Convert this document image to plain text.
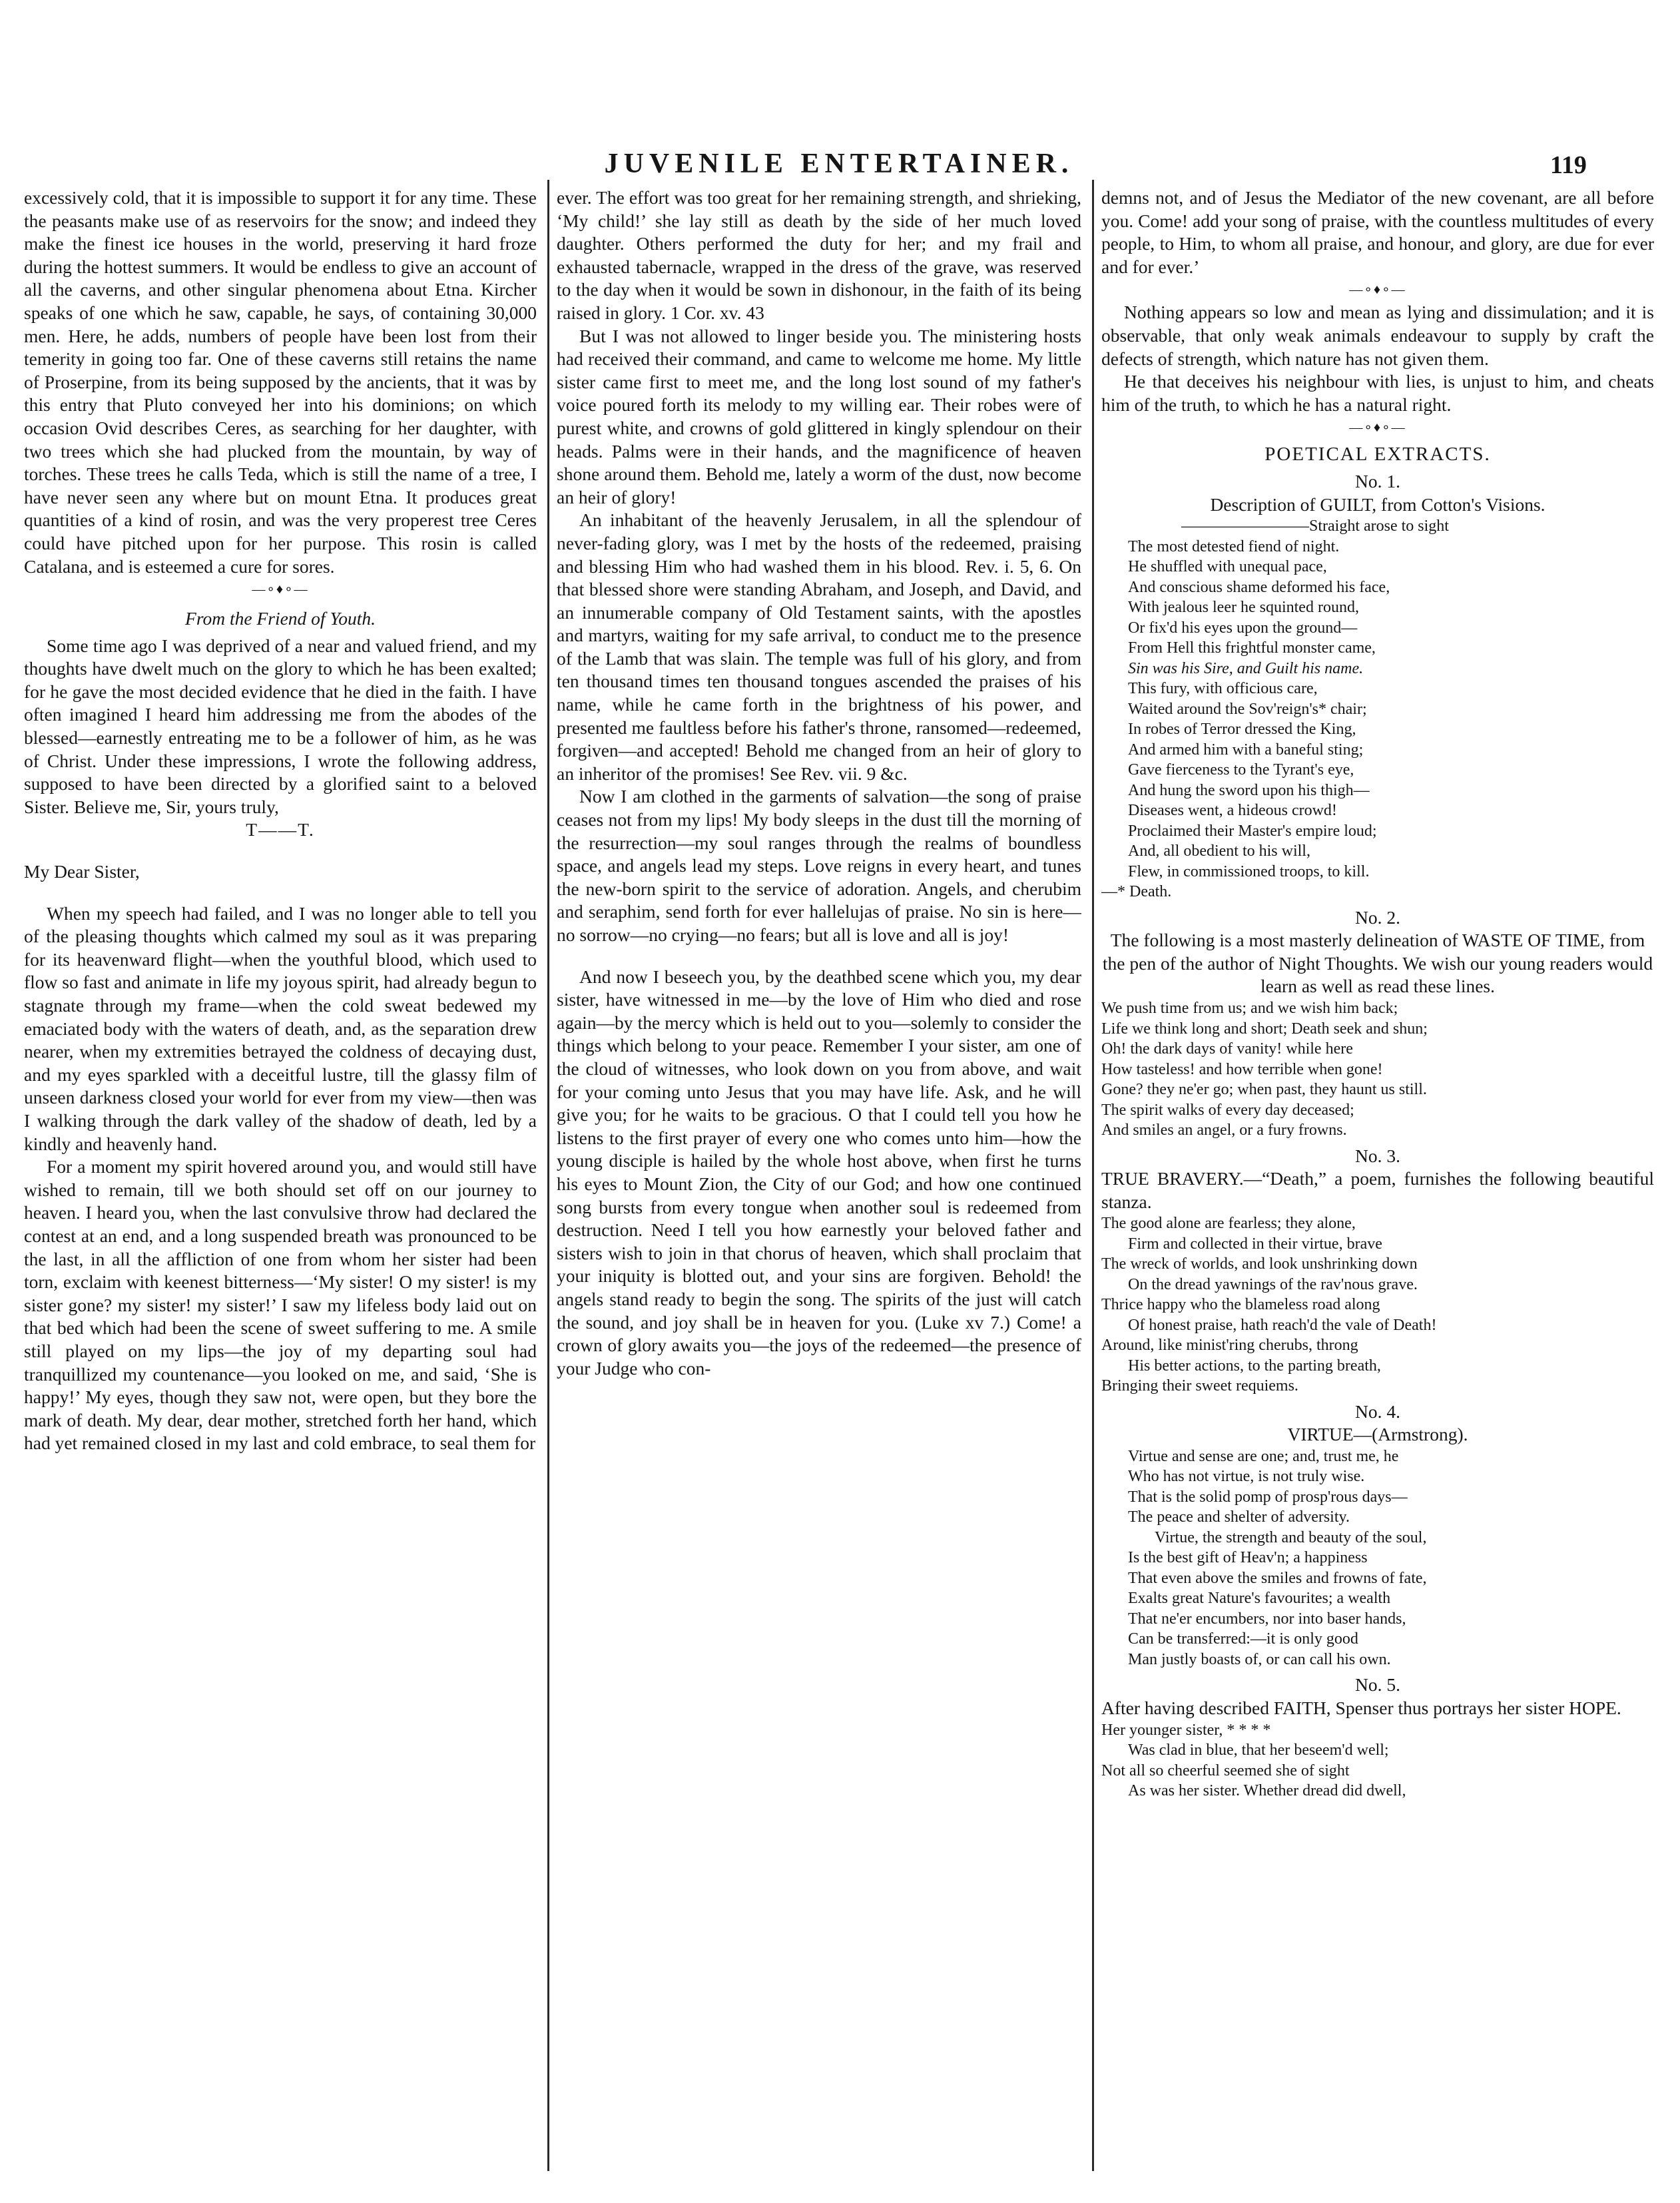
JUVENILE ENTERTAINER.	119

excessively cold, that it is impossible to support it for any time. These the peasants make use of as reservoirs for the snow; and indeed they make the finest ice houses in the world, preserving it hard froze during the hottest summers. It would be endless to give an account of all the caverns, and other singular phenomena about Etna. Kircher speaks of one which he saw, capable, he says, of containing 30,000 men. Here, he adds, numbers of people have been lost from their temerity in going too far. One of these caverns still retains the name of Proserpine, from its being supposed by the ancients, that it was by this entry that Pluto conveyed her into his dominions; on which occasion Ovid describes Ceres, as searching for her daughter, with two trees which she had plucked from the mountain, by way of torches. These trees he calls Teda, which is still the name of a tree, I have never seen any where but on mount Etna. It produces great quantities of a kind of rosin, and was the very properest tree Ceres could have pitched upon for her purpose. This rosin is called Catalana, and is esteemed a cure for sores.

—∘♦∘—

From the Friend of Youth.

Some time ago I was deprived of a near and valued friend, and my thoughts have dwelt much on the glory to which he has been exalted; for he gave the most decided evidence that he died in the faith. I have often imagined I heard him addressing me from the abodes of the blessed—earnestly entreating me to be a follower of him, as he was of Christ. Under these impressions, I wrote the following address, supposed to have been directed by a glorified saint to a beloved Sister. Believe me, Sir, yours truly,

T——T.

My Dear Sister,

When my speech had failed, and I was no longer able to tell you of the pleasing thoughts which calmed my soul as it was preparing for its heavenward flight—when the youthful blood, which used to flow so fast and animate in life my joyous spirit, had already begun to stagnate through my frame—when the cold sweat bedewed my emaciated body with the waters of death, and, as the separation drew nearer, when my extremities betrayed the coldness of decaying dust, and my eyes sparkled with a deceitful lustre, till the glassy film of unseen darkness closed your world for ever from my view—then was I walking through the dark valley of the shadow of death, led by a kindly and heavenly hand.

For a moment my spirit hovered around you, and would still have wished to remain, till we both should set off on our journey to heaven. I heard you, when the last convulsive throw had declared the contest at an end, and a long suspended breath was pronounced to be the last, in all the affliction of one from whom her sister had been torn, exclaim with keenest bitterness—‘My sister! O my sister! is my sister gone? my sister! my sister!’ I saw my lifeless body laid out on that bed which had been the scene of sweet suffering to me. A smile still played on my lips—the joy of my departing soul had tranquillized my countenance—you looked on me, and said, ‘She is happy!’ My eyes, though they saw not, were open, but they bore the mark of death. My dear, dear mother, stretched forth her hand, which had yet remained closed in my last and cold embrace, to seal them for

ever. The effort was too great for her remaining strength, and shrieking, ‘My child!’ she lay still as death by the side of her much loved daughter. Others performed the duty for her; and my frail and exhausted tabernacle, wrapped in the dress of the grave, was reserved to the day when it would be sown in dishonour, in the faith of its being raised in glory. 1 Cor. xv. 43

But I was not allowed to linger beside you. The ministering hosts had received their command, and came to welcome me home. My little sister came first to meet me, and the long lost sound of my father's voice poured forth its melody to my willing ear. Their robes were of purest white, and crowns of gold glittered in kingly splendour on their heads. Palms were in their hands, and the magnificence of heaven shone around them. Behold me, lately a worm of the dust, now become an heir of glory!

An inhabitant of the heavenly Jerusalem, in all the splendour of never-fading glory, was I met by the hosts of the redeemed, praising and blessing Him who had washed them in his blood. Rev. i. 5, 6. On that blessed shore were standing Abraham, and Joseph, and David, and an innumerable company of Old Testament saints, with the apostles and martyrs, waiting for my safe arrival, to conduct me to the presence of the Lamb that was slain. The temple was full of his glory, and from ten thousand times ten thousand tongues ascended the praises of his name, while he came forth in the brightness of his power, and presented me faultless before his father's throne, ransomed—redeemed, forgiven—and accepted! Behold me changed from an heir of glory to an inheritor of the promises! See Rev. vii. 9 &c.

Now I am clothed in the garments of salvation—the song of praise ceases not from my lips! My body sleeps in the dust till the morning of the resurrection—my soul ranges through the realms of boundless space, and angels lead my steps. Love reigns in every heart, and tunes the new-born spirit to the service of adoration. Angels, and cherubim and seraphim, send forth for ever hallelujas of praise. No sin is here—no sorrow—no crying—no fears; but all is love and all is joy!

And now I beseech you, by the deathbed scene which you, my dear sister, have witnessed in me—by the love of Him who died and rose again—by the mercy which is held out to you—solemly to consider the things which belong to your peace. Remember I your sister, am one of the cloud of witnesses, who look down on you from above, and wait for your coming unto Jesus that you may have life. Ask, and he will give you; for he waits to be gracious. O that I could tell you how he listens to the first prayer of every one who comes unto him—how the young disciple is hailed by the whole host above, when first he turns his eyes to Mount Zion, the City of our God; and how one continued song bursts from every tongue when another soul is redeemed from destruction. Need I tell you how earnestly your beloved father and sisters wish to join in that chorus of heaven, which shall proclaim that your iniquity is blotted out, and your sins are forgiven. Behold! the angels stand ready to begin the song. The spirits of the just will catch the sound, and joy shall be in heaven for you. (Luke xv 7.) Come! a crown of glory awaits you—the joys of the redeemed—the presence of your Judge who con-

demns not, and of Jesus the Mediator of the new covenant, are all before you. Come! add your song of praise, with the countless multitudes of every people, to Him, to whom all praise, and honour, and glory, are due for ever and for ever.’

—∘♦∘—

Nothing appears so low and mean as lying and dissimulation; and it is observable, that only weak animals endeavour to supply by craft the defects of strength, which nature has not given them.

He that deceives his neighbour with lies, is unjust to him, and cheats him of the truth, to which he has a natural right.

—∘♦∘—

POETICAL EXTRACTS.

No. 1.

Description of GUILT, from Cotton's Visions.

————————Straight arose to sight
The most detested fiend of night.
He shuffled with unequal pace,
And conscious shame deformed his face,
With jealous leer he squinted round,
Or fix'd his eyes upon the ground—
From Hell this frightful monster came,
Sin was his Sire, and Guilt his name.
This fury, with officious care,
Waited around the Sov'reign's* chair;
In robes of Terror dressed the King,
And armed him with a baneful sting;
Gave fierceness to the Tyrant's eye,
And hung the sword upon his thigh—
Diseases went, a hideous crowd!
Proclaimed their Master's empire loud;
And, all obedient to his will,
Flew, in commissioned troops, to kill.
—* Death.

No. 2.

The following is a most masterly delineation of WASTE OF TIME, from the pen of the author of Night Thoughts. We wish our young readers would learn as well as read these lines.

We push time from us; and we wish him back;
Life we think long and short; Death seek and shun;
Oh! the dark days of vanity! while here
How tasteless! and how terrible when gone!
Gone? they ne'er go; when past, they haunt us still.
The spirit walks of every day deceased;
And smiles an angel, or a fury frowns.

No. 3.

TRUE BRAVERY.—“Death,” a poem, furnishes the following beautiful stanza.

The good alone are fearless; they alone,
Firm and collected in their virtue, brave
The wreck of worlds, and look unshrinking down
On the dread yawnings of the rav'nous grave.
Thrice happy who the blameless road along
Of honest praise, hath reach'd the vale of Death!
Around, like minist'ring cherubs, throng
His better actions, to the parting breath,
Bringing their sweet requiems.

No. 4.

VIRTUE—(Armstrong).

Virtue and sense are one; and, trust me, he
Who has not virtue, is not truly wise.
That is the solid pomp of prosp'rous days—
The peace and shelter of adversity.
Virtue, the strength and beauty of the soul,
Is the best gift of Heav'n; a happiness
That even above the smiles and frowns of fate,
Exalts great Nature's favourites; a wealth
That ne'er encumbers, nor into baser hands,
Can be transferred:—it is only good
Man justly boasts of, or can call his own.

No. 5.

After having described FAITH, Spenser thus portrays her sister HOPE.

Her younger sister, * * * *
Was clad in blue, that her beseem'd well;
Not all so cheerful seemed she of sight
As was her sister. Whether dread did dwell,
